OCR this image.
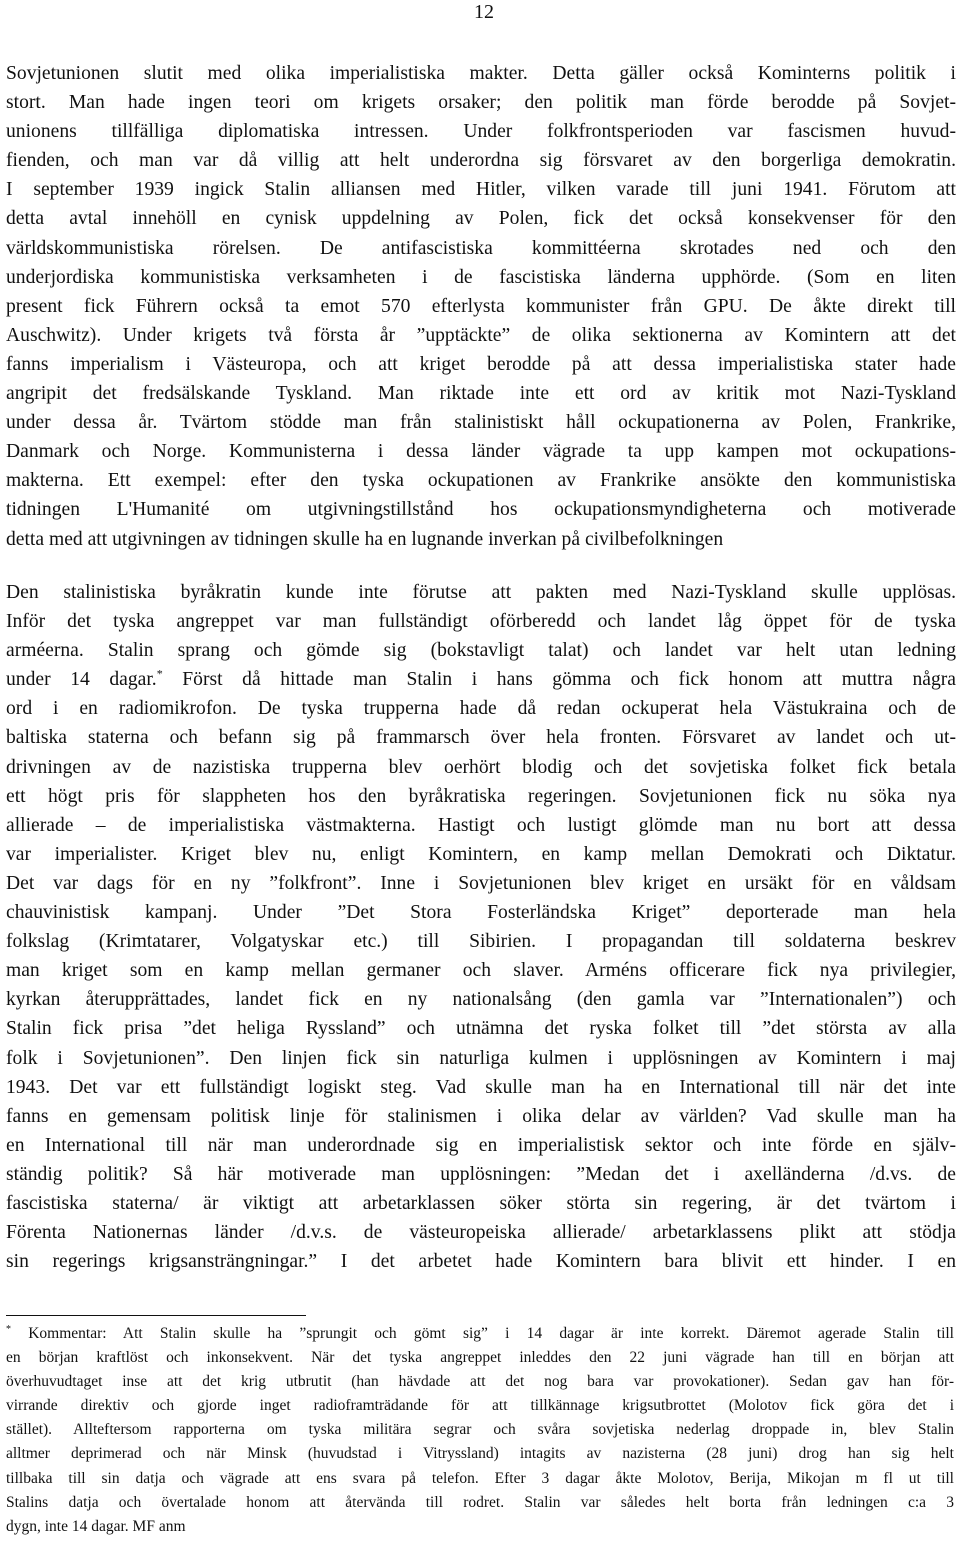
12
Sovjetunionen slutit med olika imperialistiska makter. Detta gäller också Kominterns politik i
stort. Man hade ingen teori om krigets orsaker; den politik man förde berodde på Sovjet-
unionens tillfälliga diplomatiska intressen. Under folkfrontsperioden var fascismen huvud-
fienden, och man var då villig att helt underordna sig försvaret av den borgerliga demokratin.
I september 1939 ingick Stalin alliansen med Hitler, vilken varade till juni 1941. Förutom att
detta avtal innehöll en cynisk uppdelning av Polen, fick det också konsekvenser för den
världskommunistiska rörelsen. De antifascistiska kommittéerna skrotades ned och den
underjordiska kommunistiska verksamheten i de fascistiska länderna upphörde. (Som en liten
present fick Führern också ta emot 570 efterlysta kommunister från GPU. De åkte direkt till
Auschwitz). Under krigets två första år ”upptäckte” de olika sektionerna av Komintern att det
fanns imperialism i Västeuropa, och att kriget berodde på att dessa imperialistiska stater hade
angripit det fredsälskande Tyskland. Man riktade inte ett ord av kritik mot Nazi-Tyskland
under dessa år. Tvärtom stödde man från stalinistiskt håll ockupationerna av Polen, Frankrike,
Danmark och Norge. Kommunisterna i dessa länder vägrade ta upp kampen mot ockupations-
makterna. Ett exempel: efter den tyska ockupationen av Frankrike ansökte den kommunistiska
tidningen L'Humanité om utgivningstillstånd hos ockupationsmyndigheterna och motiverade
detta med att utgivningen av tidningen skulle ha en lugnande inverkan på civilbefolkningen
Den stalinistiska byråkratin kunde inte förutse att pakten med Nazi-Tyskland skulle upplösas.
Inför det tyska angreppet var man fullständigt oförberedd och landet låg öppet för de tyska
arméerna. Stalin sprang och gömde sig (bokstavligt talat) och landet var helt utan ledning
under 14 dagar.* Först då hittade man Stalin i hans gömma och fick honom att muttra några
ord i en radiomikrofon. De tyska trupperna hade då redan ockuperat hela Västukraina och de
baltiska staterna och befann sig på frammarsch över hela fronten. Försvaret av landet och ut-
drivningen av de nazistiska trupperna blev oerhört blodig och det sovjetiska folket fick betala
ett högt pris för slappheten hos den byråkratiska regeringen. Sovjetunionen fick nu söka nya
allierade – de imperialistiska västmakterna. Hastigt och lustigt glömde man nu bort att dessa
var imperialister. Kriget blev nu, enligt Komintern, en kamp mellan Demokrati och Diktatur.
Det var dags för en ny ”folkfront”. Inne i Sovjetunionen blev kriget en ursäkt för en våldsam
chauvinistisk kampanj. Under ”Det Stora Fosterländska Kriget” deporterade man hela
folkslag (Krimtatarer, Volgatyskar etc.) till Sibirien. I propagandan till soldaterna beskrev
man kriget som en kamp mellan germaner och slaver. Arméns officerare fick nya privilegier,
kyrkan återupprättades, landet fick en ny nationalsång (den gamla var ”Internationalen”) och
Stalin fick prisa ”det heliga Ryssland” och utnämna det ryska folket till ”det största av alla
folk i Sovjetunionen”. Den linjen fick sin naturliga kulmen i upplösningen av Komintern i maj
1943. Det var ett fullständigt logiskt steg. Vad skulle man ha en International till när det inte
fanns en gemensam politisk linje för stalinismen i olika delar av världen? Vad skulle man ha
en International till när man underordnade sig en imperialistisk sektor och inte förde en själv-
ständig politik? Så här motiverade man upplösningen: ”Medan det i axelländerna /d.vs. de
fascistiska staterna/ är viktigt att arbetarklassen söker störta sin regering, är det tvärtom i
Förenta Nationernas länder /d.v.s. de västeuropeiska allierade/ arbetarklassens plikt att stödja
sin regerings krigsansträngningar.” I det arbetet hade Komintern bara blivit ett hinder. I en
* Kommentar: Att Stalin skulle ha ”sprungit och gömt sig” i 14 dagar är inte korrekt. Däremot agerade Stalin till
en början kraftlöst och inkonsekvent. När det tyska angreppet inleddes den 22 juni vägrade han till en början att
överhuvudtaget inse att det krig utbrutit (han hävdade att det nog bara var provokationer). Sedan gav han för-
virrande direktiv och gjorde inget radioframträdande för att tillkännage krigsutbrottet (Molotov fick göra det i
stället). Allteftersom rapporterna om tyska militära segrar och svåra sovjetiska nederlag droppade in, blev Stalin
alltmer deprimerad och när Minsk (huvudstad i Vitryssland) intagits av nazisterna (28 juni) drog han sig helt
tillbaka till sin datja och vägrade att ens svara på telefon. Efter 3 dagar åkte Molotov, Berija, Mikojan m fl ut till
Stalins datja och övertalade honom att återvända till rodret. Stalin var således helt borta från ledningen c:a 3
dygn, inte 14 dagar. MF anm
